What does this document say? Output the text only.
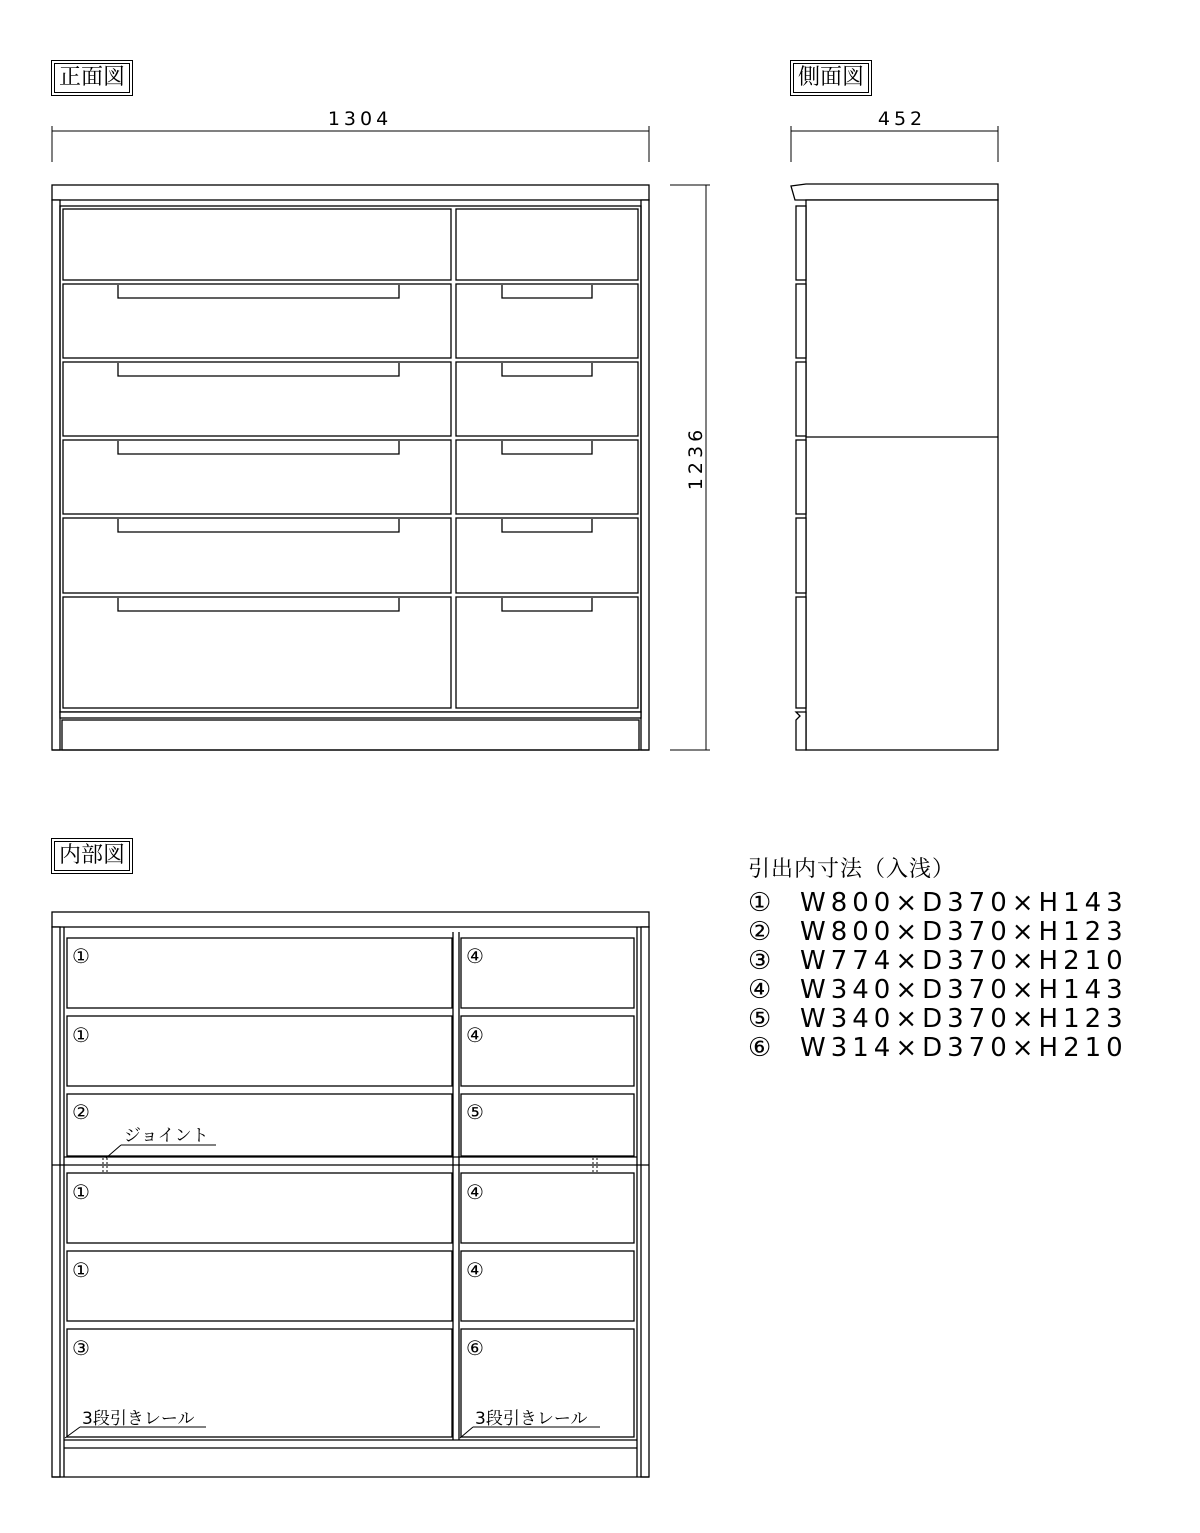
正面図	側面図
内部図
1304
1236
452
①
①
②
①
①
③
④
④
⑤
④
④
⑥
ジョイント
3段引きレール	3段引きレール
引出内寸法（入浅）
① W800×D370×H143
② W800×D370×H123
③ W774×D370×H210
④ W340×D370×H143
⑤ W340×D370×H123
⑥ W314×D370×H210
